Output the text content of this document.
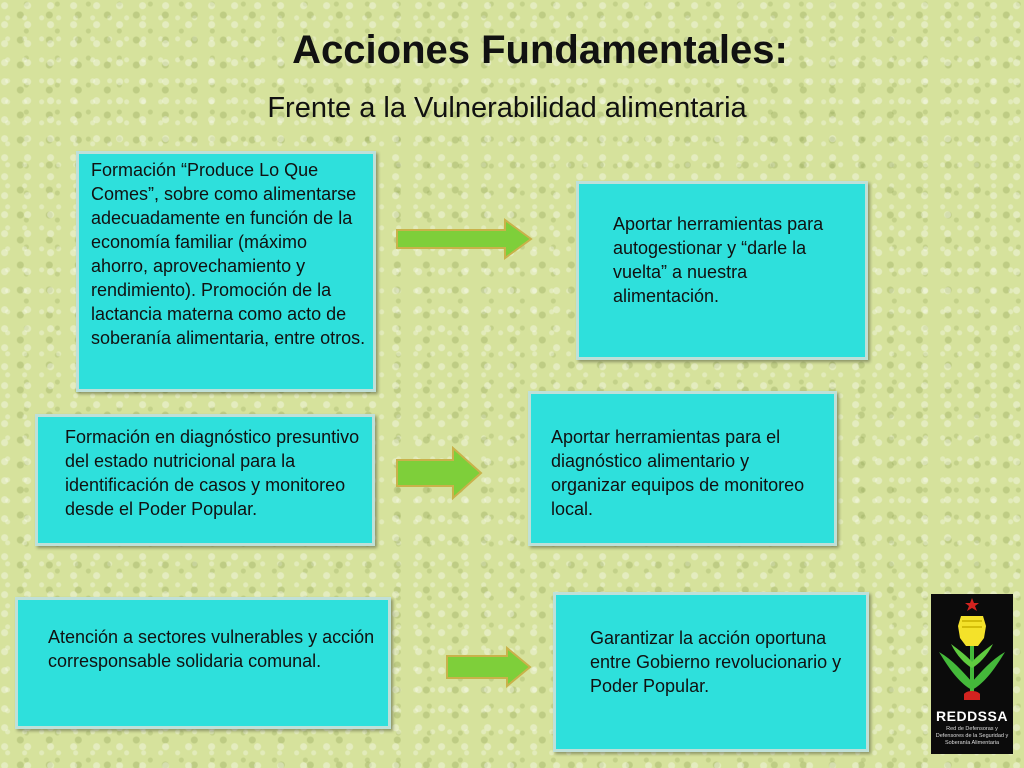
Acciones Fundamentales:
Frente a la Vulnerabilidad alimentaria

Formación “Produce Lo Que Comes”, sobre como alimentarse adecuadamente en función de la economía familiar (máximo ahorro, aprovechamiento y rendimiento). Promoción de la lactancia materna como acto de soberanía alimentaria, entre otros.

Aportar herramientas para autogestionar y “darle la vuelta” a nuestra alimentación.

Formación en diagnóstico presuntivo del estado nutricional para la identificación de casos y monitoreo desde el Poder Popular.

Aportar herramientas para el diagnóstico alimentario y organizar equipos de monitoreo local.

Atención a sectores vulnerables y acción corresponsable solidaria comunal.

Garantizar la acción oportuna entre Gobierno revolucionario y Poder Popular.

REDDSSA
Red de Defensoras y Defensores de la Seguridad y Soberanía Alimentaria
